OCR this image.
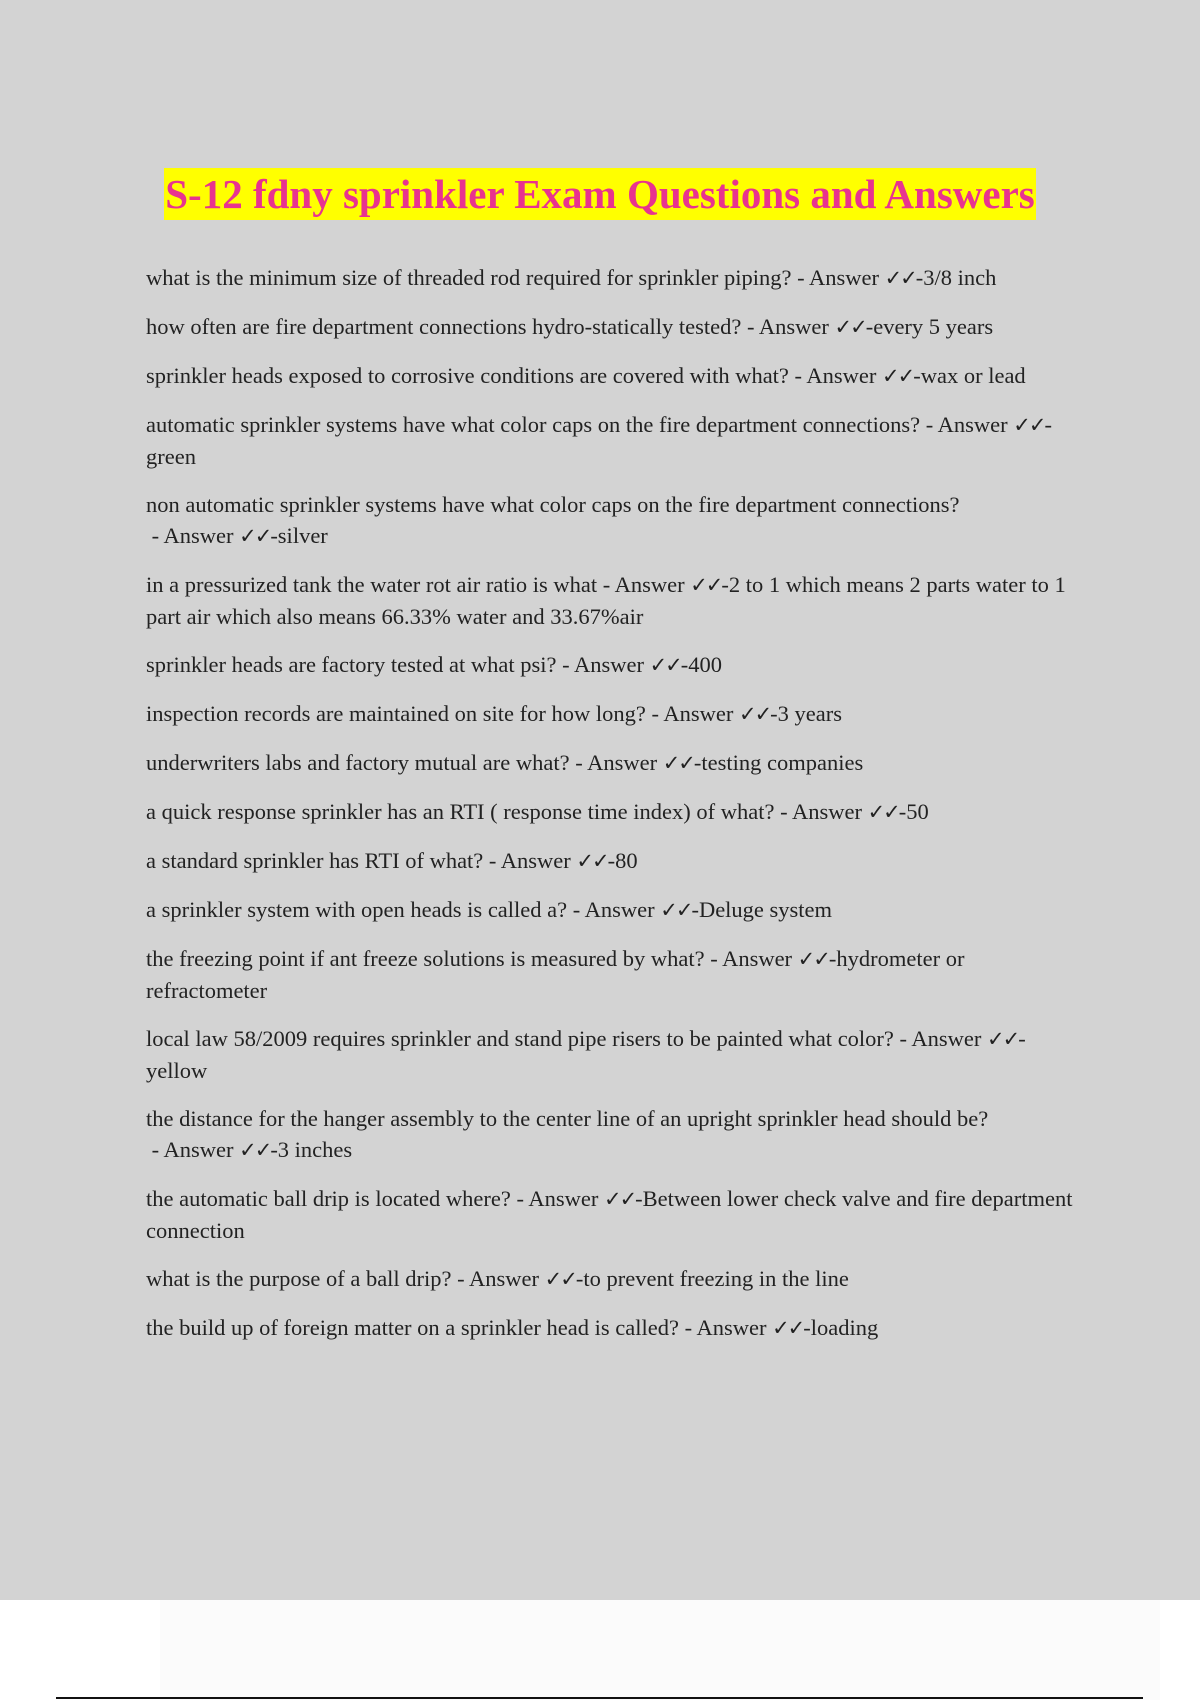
S-12 fdny sprinkler Exam Questions and Answers
what is the minimum size of threaded rod required for sprinkler piping? - Answer ✓✓-3/8 inch
how often are fire department connections hydro-statically tested? - Answer ✓✓-every 5 years
sprinkler heads exposed to corrosive conditions are covered with what? - Answer ✓✓-wax or lead
automatic sprinkler systems have what color caps on the fire department connections? - Answer ✓✓-green
non automatic sprinkler systems have what color caps on the fire department connections? - Answer ✓✓-silver
in a pressurized tank the water rot air ratio is what - Answer ✓✓-2 to 1 which means 2 parts water to 1 part air which also means 66.33% water and 33.67%air
sprinkler heads are factory tested at what psi? - Answer ✓✓-400
inspection records are maintained on site for how long? - Answer ✓✓-3 years
underwriters labs and factory mutual are what? - Answer ✓✓-testing companies
a quick response sprinkler has an RTI ( response time index) of what? - Answer ✓✓-50
a standard sprinkler has RTI of what? - Answer ✓✓-80
a sprinkler system with open heads is called a? - Answer ✓✓-Deluge system
the freezing point if ant freeze solutions is measured by what? - Answer ✓✓-hydrometer or refractometer
local law 58/2009 requires sprinkler and stand pipe risers to be painted what color? - Answer ✓✓-yellow
the distance for the hanger assembly to the center line of an upright sprinkler head should be? - Answer ✓✓-3 inches
the automatic ball drip is located where? - Answer ✓✓-Between lower check valve and fire department connection
what is the purpose of a ball drip? - Answer ✓✓-to prevent freezing in the line
the build up of foreign matter on a sprinkler head is called? - Answer ✓✓-loading
